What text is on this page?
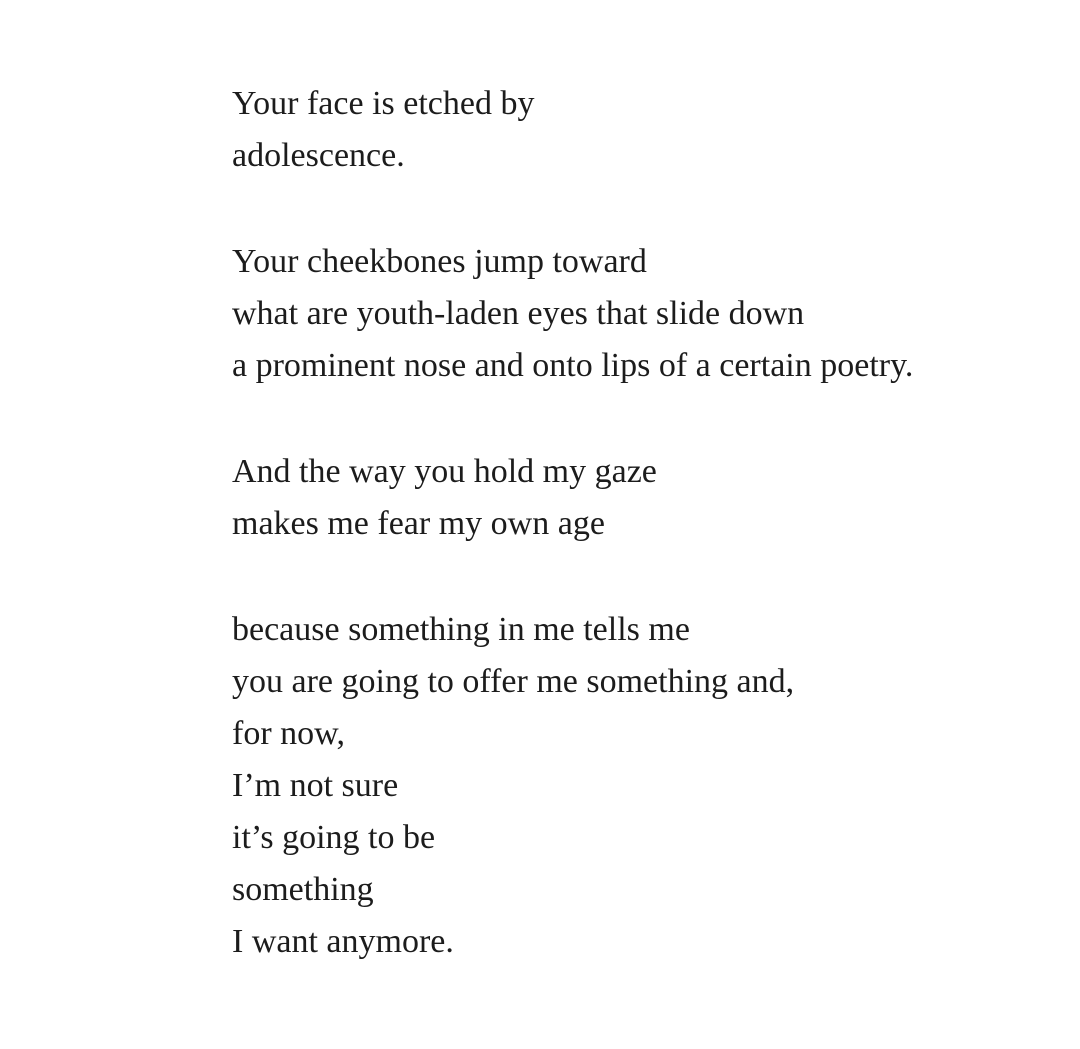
Your face is etched by
adolescence.
Your cheekbones jump toward
what are youth-laden eyes that slide down
a prominent nose and onto lips of a certain poetry.
And the way you hold my gaze
makes me fear my own age
because something in me tells me
you are going to offer me something and,
for now,
I’m not sure
it’s going to be
something
I want anymore.
